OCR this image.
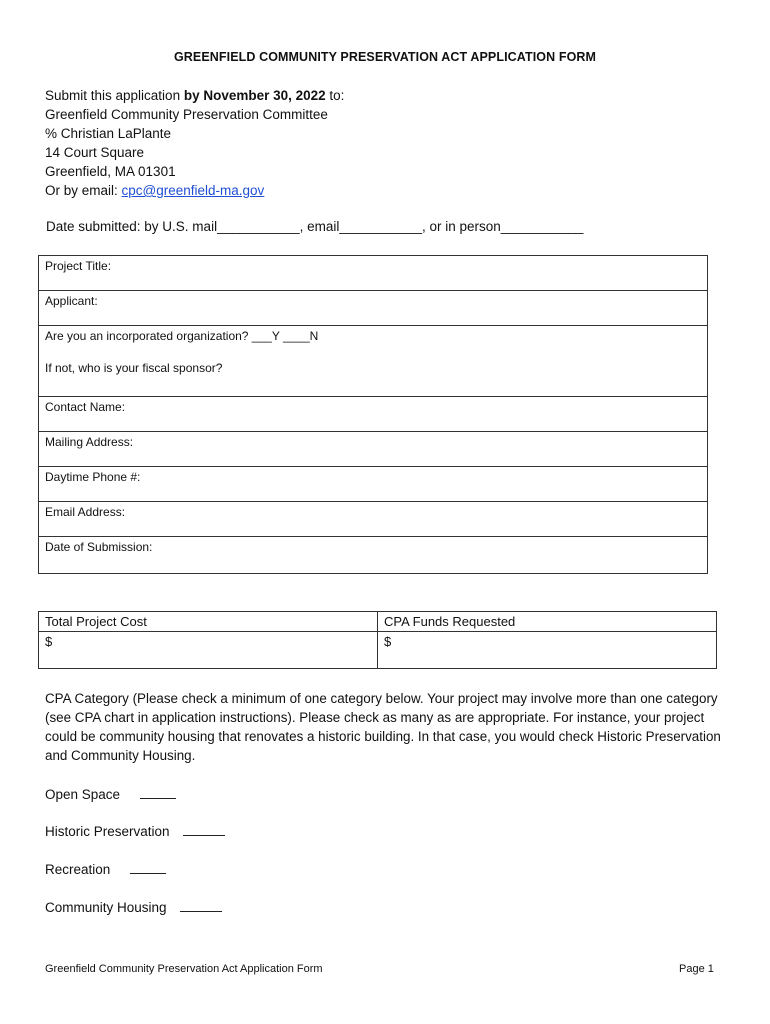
GREENFIELD COMMUNITY PRESERVATION ACT APPLICATION FORM
Submit this application by November 30, 2022 to:
Greenfield Community Preservation Committee
% Christian LaPlante
14 Court Square
Greenfield, MA 01301
Or by email: cpc@greenfield-ma.gov
Date submitted: by U.S. mail___________, email___________, or in person___________
Project Title:
Applicant:
Are you an incorporated organization? ___Y ____N
If not, who is your fiscal sponsor?
Contact Name:
Mailing Address:
Daytime Phone #:
Email Address:
Date of Submission:
Total Project Cost
$
CPA Funds Requested
$
CPA Category (Please check a minimum of one category below. Your project may involve more than one category (see CPA chart in application instructions). Please check as many as are appropriate. For instance, your project could be community housing that renovates a historic building. In that case, you would check Historic Preservation and Community Housing.
Open Space
Historic Preservation
Recreation
Community Housing
Greenfield Community Preservation Act Application Form	Page 1
